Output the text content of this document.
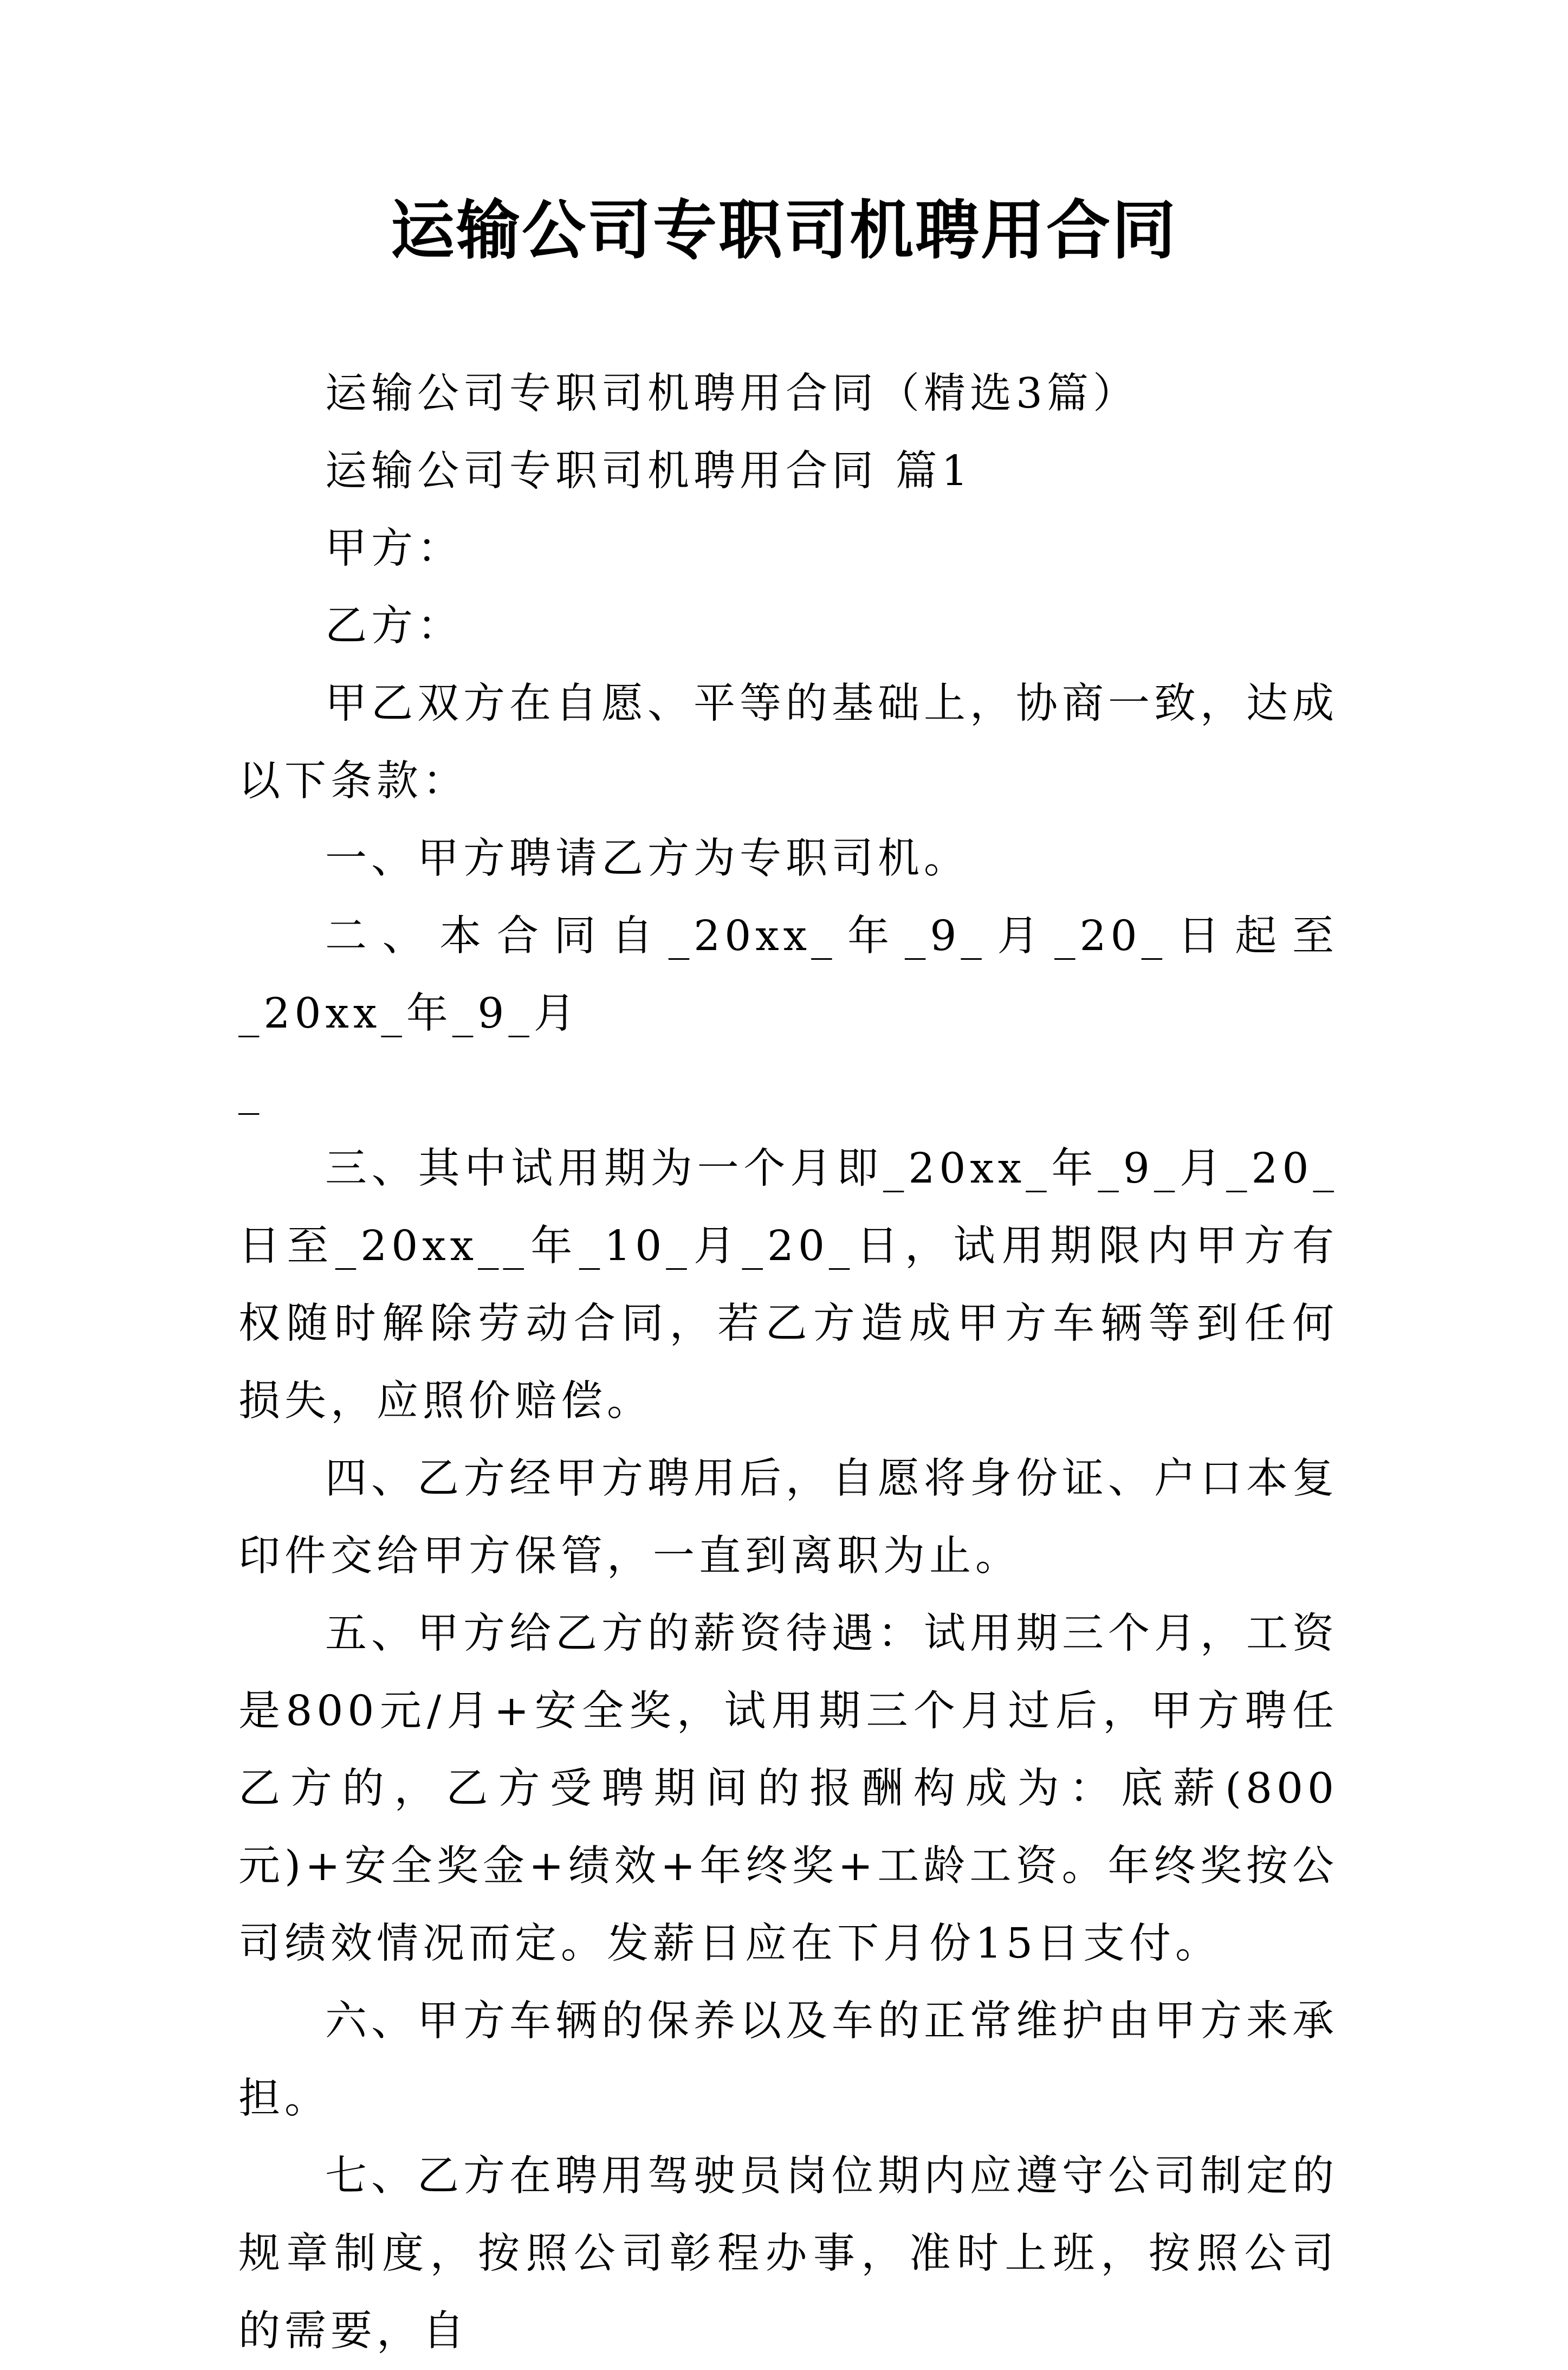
运输公司专职司机聘用合同

运输公司专职司机聘用合同（精选3篇）

运输公司专职司机聘用合同 篇1

甲方：

乙方：

甲乙双方在自愿、平等的基础上，协商一致，达成以下条款：

一、甲方聘请乙方为专职司机。

二、本合同自_20xx_年_9_月_20_日起至_20xx_年_9_月

_

三、其中试用期为一个月即_20xx_年_9_月_20_日至_20xx__年_10_月_20_日，试用期限内甲方有权随时解除劳动合同，若乙方造成甲方车辆等到任何损失，应照价赔偿。

四、乙方经甲方聘用后，自愿将身份证、户口本复印件交给甲方保管，一直到离职为止。

五、甲方给乙方的薪资待遇：试用期三个月，工资是800元/月+安全奖，试用期三个月过后，甲方聘任乙方的，乙方受聘期间的报酬构成为：底薪(800元)+安全奖金+绩效+年终奖+工龄工资。年终奖按公司绩效情况而定。发薪日应在下月份15日支付。

六、甲方车辆的保养以及车的正常维护由甲方来承担。

七、乙方在聘用驾驶员岗位期内应遵守公司制定的规章制度，按照公司彰程办事，准时上班，按照公司的需要，自
